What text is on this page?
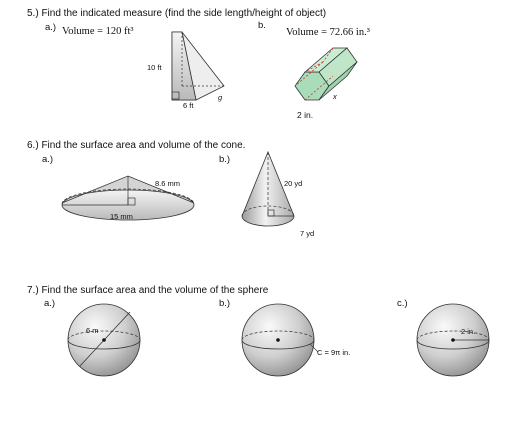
5.) Find the indicated measure (find the side length/height of object)
a.) Volume = 120 ft³
b.
Volume = 72.66 in.³
10 ft
6 ft
g	x
2 in.
6.) Find the surface area and volume of the cone.
a.)	b.)
8.6 mm
15 mm
20 yd
7 yd
7.) Find the surface area and the volume of the sphere
a.)	b.)	c.)
6 m
C = 9π in.
2 in.
